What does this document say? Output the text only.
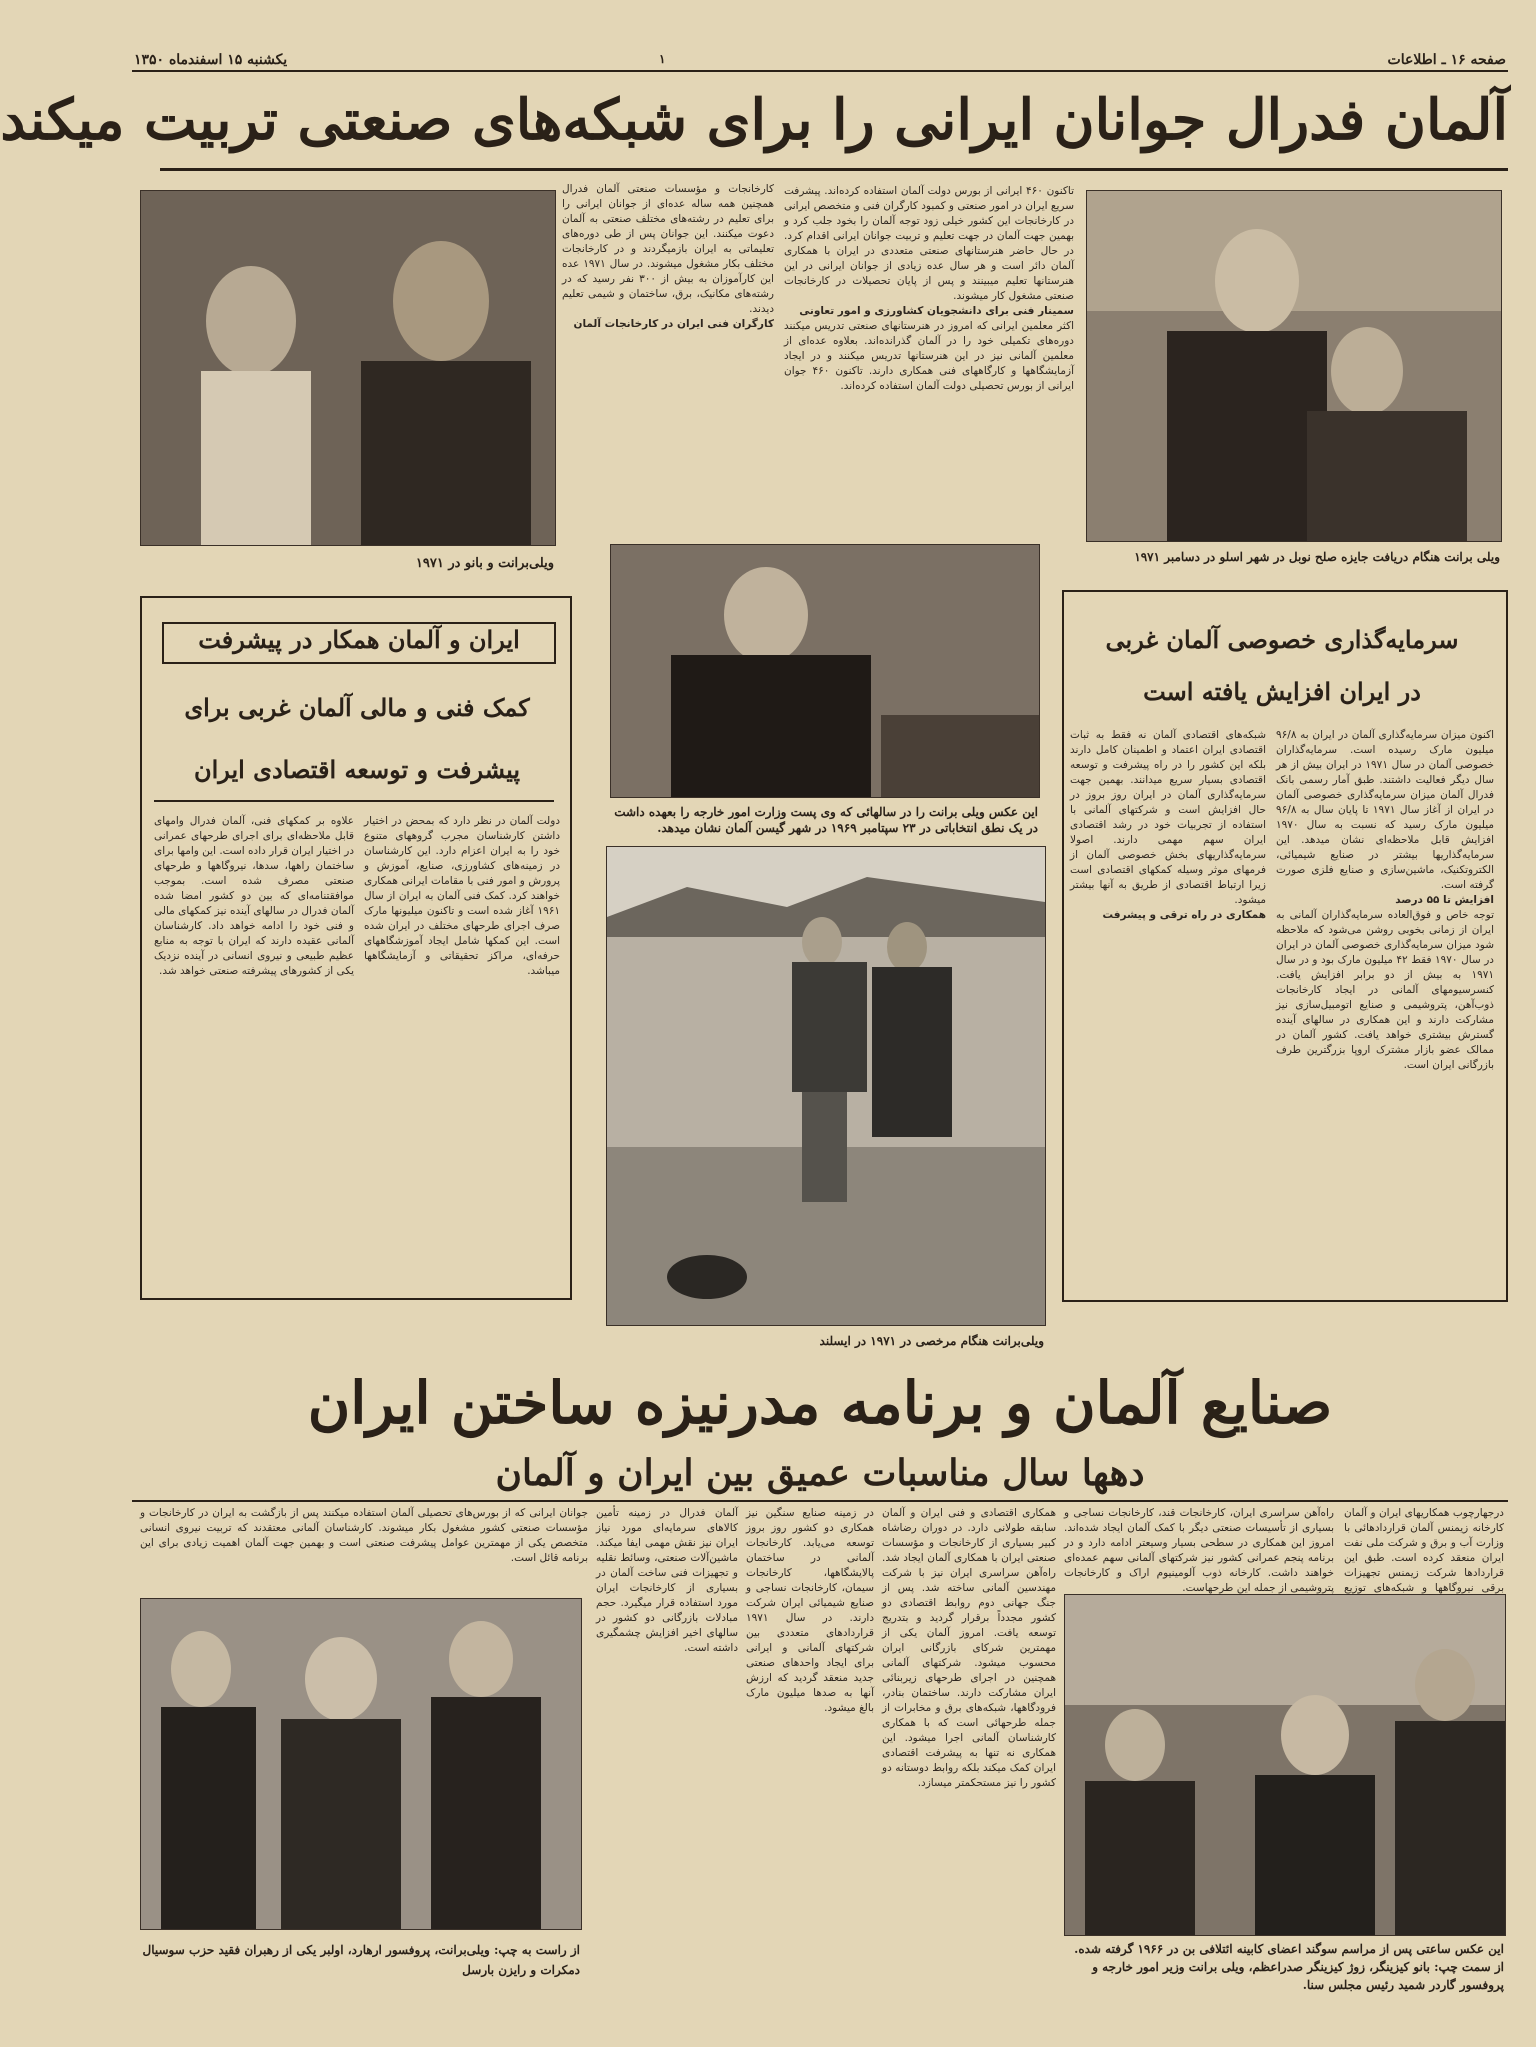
صفحه ۱۶ ـ اطلاعات
۱
یکشنبه ۱۵ اسفندماه ۱۳۵۰
آلمان فدرال جوانان ایرانی را برای شبکه‌های صنعتی تربیت میکند
ویلی‌برانت و بانو در ۱۹۷۱
کارخانجات و مؤسسات صنعتی آلمان فدرال همچنین همه ساله عده‌ای از جوانان ایرانی را برای تعلیم در رشته‌های مختلف صنعتی به آلمان دعوت میکنند. این جوانان پس از طی دوره‌های تعلیماتی به ایران بازمیگردند و در کارخانجات مختلف بکار مشغول میشوند. در سال ۱۹۷۱ عده این کارآموزان به بیش از ۳۰۰ نفر رسید که در رشته‌های مکانیک، برق، ساختمان و شیمی تعلیم دیدند.
کارگران فنی ایران در کارخانجات آلمان

تاکنون ۴۶۰ ایرانی از بورس دولت آلمان استفاده کرده‌اند. پیشرفت سریع ایران در امور صنعتی و کمبود کارگران فنی و متخصص ایرانی در کارخانجات این کشور خیلی زود توجه آلمان را بخود جلب کرد و بهمین جهت آلمان در جهت تعلیم و تربیت جوانان ایرانی اقدام کرد. در حال حاضر هنرستانهای صنعتی متعددی در ایران با همکاری آلمان دائر است و هر سال عده زیادی از جوانان ایرانی در این هنرستانها تعلیم میبینند و پس از پایان تحصیلات در کارخانجات صنعتی مشغول کار میشوند.
سمینار فنی برای دانشجویان کشاورزی و امور تعاونی
اکثر معلمین ایرانی که امروز در هنرستانهای صنعتی تدریس میکنند دوره‌های تکمیلی خود را در آلمان گذرانده‌اند. بعلاوه عده‌ای از معلمین آلمانی نیز در این هنرستانها تدریس میکنند و در ایجاد آزمایشگاهها و کارگاههای فنی همکاری دارند. تاکنون ۴۶۰ جوان ایرانی از بورس تحصیلی دولت آلمان استفاده کرده‌اند.
ویلی برانت هنگام دریافت جایزه صلح نوبل در شهر اسلو در دسامبر ۱۹۷۱
ایران و آلمان همکار در پیشرفت
کمک فنی و مالی آلمان غربی برای
پیشرفت و توسعه اقتصادی ایران
دولت آلمان در نظر دارد که بمحض در اختیار داشتن کارشناسان مجرب گروههای متنوع خود را به ایران اعزام دارد. این کارشناسان در زمینه‌های کشاورزی، صنایع، آموزش و پرورش و امور فنی با مقامات ایرانی همکاری خواهند کرد. کمک فنی آلمان به ایران از سال ۱۹۶۱ آغاز شده است و تاکنون میلیونها مارک صرف اجرای طرحهای مختلف در ایران شده است. این کمکها شامل ایجاد آموزشگاههای حرفه‌ای، مراکز تحقیقاتی و آزمایشگاهها میباشد.
علاوه بر کمکهای فنی، آلمان فدرال وامهای قابل ملاحظه‌ای برای اجرای طرحهای عمرانی در اختیار ایران قرار داده است. این وامها برای ساختمان راهها، سدها، نیروگاهها و طرحهای صنعتی مصرف شده است. بموجب موافقتنامه‌ای که بین دو کشور امضا شده آلمان فدرال در سالهای آینده نیز کمکهای مالی و فنی خود را ادامه خواهد داد. کارشناسان آلمانی عقیده دارند که ایران با توجه به منابع عظیم طبیعی و نیروی انسانی در آینده نزدیک یکی از کشورهای پیشرفته صنعتی خواهد شد.
این عکس ویلی برانت را در سالهائی که وی پست وزارت امور خارجه را بعهده داشت در یک نطق انتخاباتی در ۲۳ سپتامبر ۱۹۶۹ در شهر گیسن آلمان نشان میدهد.
ویلی‌برانت هنگام مرخصی در ۱۹۷۱ در ایسلند
سرمایه‌گذاری خصوصی آلمان غربی
در ایران افزایش یافته است
اکنون میزان سرمایه‌گذاری آلمان در ایران به ۹۶/۸ میلیون مارک رسیده است. سرمایه‌گذاران خصوصی آلمان در سال ۱۹۷۱ در ایران بیش از هر سال دیگر فعالیت داشتند. طبق آمار رسمی بانک فدرال آلمان میزان سرمایه‌گذاری خصوصی آلمان در ایران از آغاز سال ۱۹۷۱ تا پایان سال به ۹۶/۸ میلیون مارک رسید که نسبت به سال ۱۹۷۰ افزایش قابل ملاحظه‌ای نشان میدهد. این سرمایه‌گذاریها بیشتر در صنایع شیمیائی، الکتروتکنیک، ماشین‌سازی و صنایع فلزی صورت گرفته است.
افزایش تا ۵۵ درصد
توجه خاص و فوق‌العاده سرمایه‌گذاران آلمانی به ایران از زمانی بخوبی روشن می‌شود که ملاحظه شود میزان سرمایه‌گذاری خصوصی آلمان در ایران در سال ۱۹۷۰ فقط ۴۲ میلیون مارک بود و در سال ۱۹۷۱ به بیش از دو برابر افزایش یافت. کنسرسیومهای آلمانی در ایجاد کارخانجات ذوب‌آهن، پتروشیمی و صنایع اتومبیل‌سازی نیز مشارکت دارند و این همکاری در سالهای آینده گسترش بیشتری خواهد یافت. کشور آلمان در ممالک عضو بازار مشترک اروپا بزرگترین طرف بازرگانی ایران است.
شبکه‌های اقتصادی آلمان نه فقط به ثبات اقتصادی ایران اعتماد و اطمینان کامل دارند بلکه این کشور را در راه پیشرفت و توسعه اقتصادی بسیار سریع میدانند. بهمین جهت سرمایه‌گذاری آلمان در ایران روز بروز در حال افزایش است و شرکتهای آلمانی با استفاده از تجربیات خود در رشد اقتصادی ایران سهم مهمی دارند. اصولا سرمایه‌گذاریهای بخش خصوصی آلمان از فرمهای موثر وسیله کمکهای اقتصادی است زیرا ارتباط اقتصادی از طریق به آنها بیشتر میشود.
همکاری در راه ترقی و پیشرفت
صنایع آلمان و برنامه مدرنیزه ساختن ایران
دهها سال مناسبات عمیق بین ایران و آلمان
درجهارچوب همکاریهای ایران و آلمان کارخانه زیمنس آلمان قراردادهائی با وزارت آب و برق و شرکت ملی نفت ایران منعقد کرده است. طبق این قراردادها شرکت زیمنس تجهیزات برقی نیروگاهها و شبکه‌های توزیع
راه‌آهن سراسری ایران، کارخانجات قند، کارخانجات نساجی و بسیاری از تأسیسات صنعتی دیگر با کمک آلمان ایجاد شده‌اند. امروز این همکاری در سطحی بسیار وسیعتر ادامه دارد و در برنامه پنجم عمرانی کشور نیز شرکتهای آلمانی سهم عمده‌ای خواهند داشت. کارخانه ذوب آلومینیوم اراک و کارخانجات پتروشیمی از جمله این طرحهاست.
همکاری اقتصادی و فنی ایران و آلمان سابقه طولانی دارد. در دوران رضاشاه کبیر بسیاری از کارخانجات و مؤسسات صنعتی ایران با همکاری آلمان ایجاد شد. راه‌آهن سراسری ایران نیز با شرکت مهندسین آلمانی ساخته شد. پس از جنگ جهانی دوم روابط اقتصادی دو کشور مجدداً برقرار گردید و بتدریج توسعه یافت. امروز آلمان یکی از مهمترین شرکای بازرگانی ایران محسوب میشود. شرکتهای آلمانی همچنین در اجرای طرحهای زیربنائی ایران مشارکت دارند. ساختمان بنادر، فرودگاهها، شبکه‌های برق و مخابرات از جمله طرحهائی است که با همکاری کارشناسان آلمانی اجرا میشود. این همکاری نه تنها به پیشرفت اقتصادی ایران کمک میکند بلکه روابط دوستانه دو کشور را نیز مستحکمتر میسازد.
در زمینه صنایع سنگین نیز همکاری دو کشور روز بروز توسعه می‌یابد. کارخانجات آلمانی در ساختمان پالایشگاهها، کارخانجات سیمان، کارخانجات نساجی و صنایع شیمیائی ایران شرکت دارند. در سال ۱۹۷۱ قراردادهای متعددی بین شرکتهای آلمانی و ایرانی برای ایجاد واحدهای صنعتی جدید منعقد گردید که ارزش آنها به صدها میلیون مارک بالغ میشود.
آلمان فدرال در زمینه تأمین کالاهای سرمایه‌ای مورد نیاز ایران نیز نقش مهمی ایفا میکند. ماشین‌آلات صنعتی، وسائط نقلیه و تجهیزات فنی ساخت آلمان در بسیاری از کارخانجات ایران مورد استفاده قرار میگیرد. حجم مبادلات بازرگانی دو کشور در سالهای اخیر افزایش چشمگیری داشته است.
جوانان ایرانی که از بورس‌های تحصیلی آلمان استفاده میکنند پس از بازگشت به ایران در کارخانجات و مؤسسات صنعتی کشور مشغول بکار میشوند. کارشناسان آلمانی معتقدند که تربیت نیروی انسانی متخصص یکی از مهمترین عوامل پیشرفت صنعتی است و بهمین جهت آلمان اهمیت زیادی برای این برنامه قائل است.
از راست به چپ: ویلی‌برانت، پروفسور ارهارد، اولبر یکی از رهبران فقید حزب سوسیال دمکرات و رایزن بارسل
این عکس ساعتی پس از مراسم سوگند اعضای کابینه ائتلافی بن در ۱۹۶۶ گرفته شده. از سمت چپ: بانو کیزینگر، زوژ کیزینگر صدراعظم، ویلی برانت وزیر امور خارجه و پروفسور گاردر شمید رئیس مجلس سنا.
